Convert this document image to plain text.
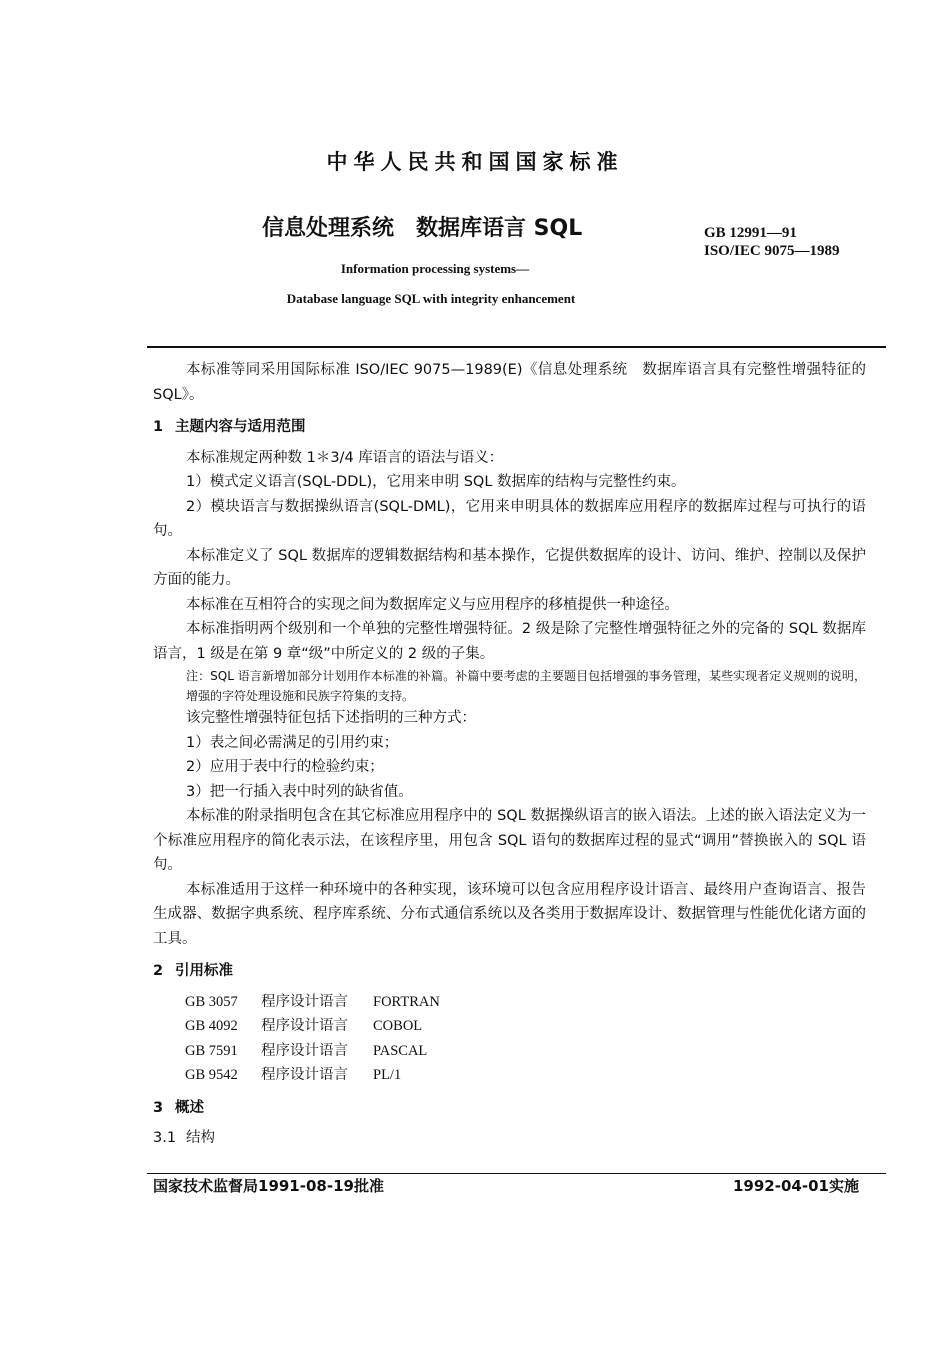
中华人民共和国国家标准
信息处理系统 数据库语言 SQL	GB 12991—91
ISO/IEC 9075—1989
Information processing systems—
Database language SQL with integrity enhancement

本标准等同采用国际标准 ISO/IEC 9075—1989(E)《信息处理系统　数据库语言具有完整性增强特征的 SQL》。

1 主题内容与适用范围

本标准规定两种数 1＊3/4 库语言的语法与语义：

1）模式定义语言(SQL-DDL)，它用来申明 SQL 数据库的结构与完整性约束。

2）模块语言与数据操纵语言(SQL-DML)，它用来申明具体的数据库应用程序的数据库过程与可执行的语句。

本标准定义了 SQL 数据库的逻辑数据结构和基本操作，它提供数据库的设计、访问、维护、控制以及保护方面的能力。

本标准在互相符合的实现之间为数据库定义与应用程序的移植提供一种途径。

本标准指明两个级别和一个单独的完整性增强特征。2 级是除了完整性增强特征之外的完备的 SQL 数据库语言，1 级是在第 9 章“级”中所定义的 2 级的子集。

注：SQL 语言新增加部分计划用作本标准的补篇。补篇中要考虑的主要题目包括增强的事务管理，某些实现者定义规则的说明，增强的字符处理设施和民族字符集的支持。

该完整性增强特征包括下述指明的三种方式：

1）表之间必需满足的引用约束；

2）应用于表中行的检验约束；

3）把一行插入表中时列的缺省值。

本标准的附录指明包含在其它标准应用程序中的 SQL 数据操纵语言的嵌入语法。上述的嵌入语法定义为一个标准应用程序的简化表示法，在该程序里，用包含 SQL 语句的数据库过程的显式“调用”替换嵌入的 SQL 语句。

本标准适用于这样一种环境中的各种实现，该环境可以包含应用程序设计语言、最终用户查询语言、报告生成器、数据字典系统、程序库系统、分布式通信系统以及各类用于数据库设计、数据管理与性能优化诸方面的工具。

2 引用标准

GB 3057	程序设计语言	FORTRAN
GB 4092	程序设计语言	COBOL
GB 7591	程序设计语言	PASCAL
GB 9542	程序设计语言	PL/1

3 概述

3.1 结构

国家技术监督局1991-08-19批准	1992-04-01实施
